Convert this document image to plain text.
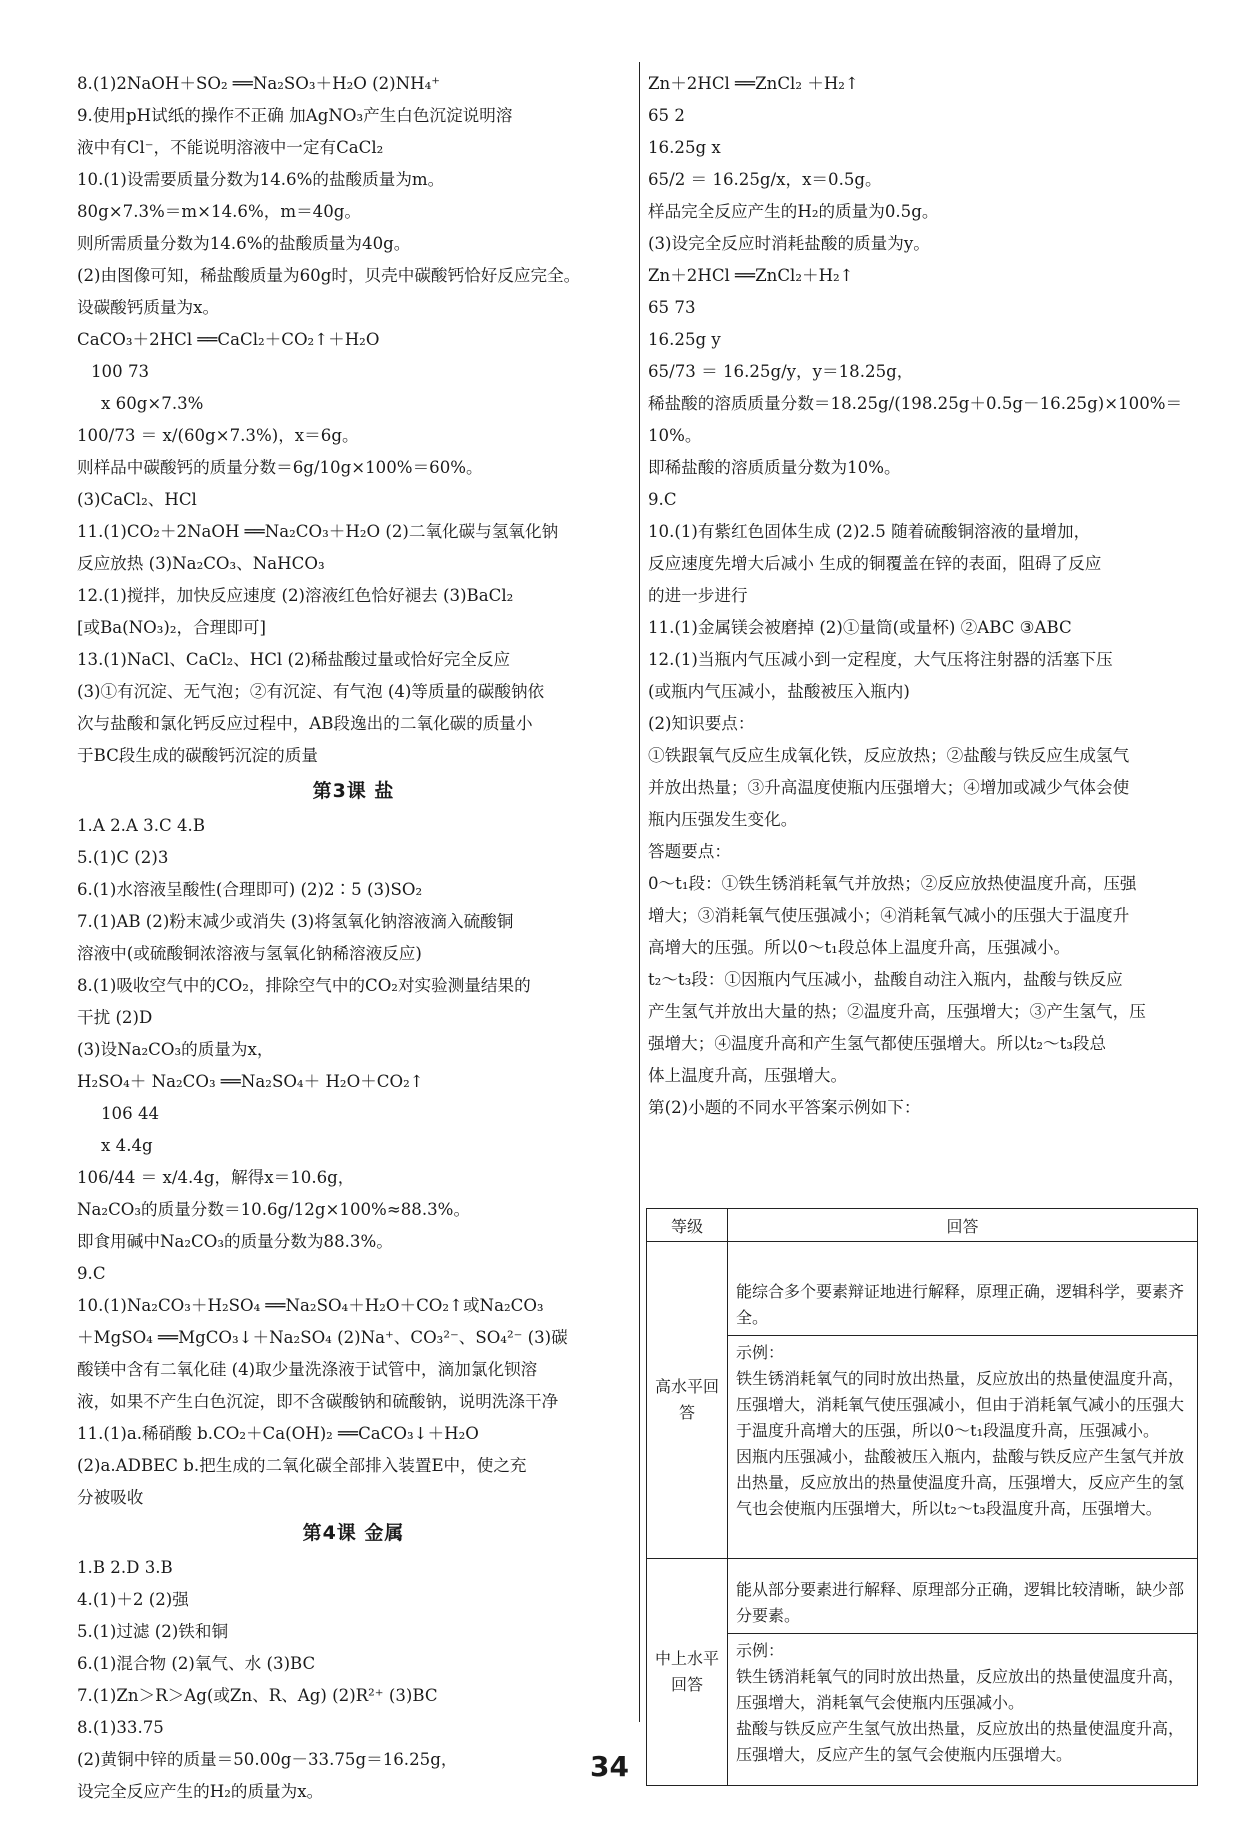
8.(1)2NaOH＋SO₂ ══Na₂SO₃＋H₂O (2)NH₄⁺
9.使用pH试纸的操作不正确 加AgNO₃产生白色沉淀说明溶
液中有Cl⁻，不能说明溶液中一定有CaCl₂
10.(1)设需要质量分数为14.6%的盐酸质量为m。
80g×7.3%＝m×14.6%，m＝40g。
则所需质量分数为14.6%的盐酸质量为40g。
(2)由图像可知，稀盐酸质量为60g时，贝壳中碳酸钙恰好反应完全。
设碳酸钙质量为x。
CaCO₃＋2HCl ══CaCl₂＋CO₂↑＋H₂O
100 73
x 60g×7.3%
100/73 ＝ x/(60g×7.3%)，x＝6g。
则样品中碳酸钙的质量分数＝6g/10g×100%＝60%。
(3)CaCl₂、HCl
11.(1)CO₂＋2NaOH ══Na₂CO₃＋H₂O (2)二氧化碳与氢氧化钠
反应放热 (3)Na₂CO₃、NaHCO₃
12.(1)搅拌，加快反应速度 (2)溶液红色恰好褪去 (3)BaCl₂
[或Ba(NO₃)₂，合理即可]
13.(1)NaCl、CaCl₂、HCl (2)稀盐酸过量或恰好完全反应
(3)①有沉淀、无气泡；②有沉淀、有气泡 (4)等质量的碳酸钠依
次与盐酸和氯化钙反应过程中，AB段逸出的二氧化碳的质量小
于BC段生成的碳酸钙沉淀的质量
第3课 盐
1.A 2.A 3.C 4.B
5.(1)C (2)3
6.(1)水溶液呈酸性(合理即可) (2)2∶5 (3)SO₂
7.(1)AB (2)粉末减少或消失 (3)将氢氧化钠溶液滴入硫酸铜
溶液中(或硫酸铜浓溶液与氢氧化钠稀溶液反应)
8.(1)吸收空气中的CO₂，排除空气中的CO₂对实验测量结果的
干扰 (2)D
(3)设Na₂CO₃的质量为x，
H₂SO₄＋ Na₂CO₃ ══Na₂SO₄＋ H₂O＋CO₂↑
106 44
x 4.4g
106/44 ＝ x/4.4g，解得x＝10.6g，
Na₂CO₃的质量分数＝10.6g/12g×100%≈88.3%。
即食用碱中Na₂CO₃的质量分数为88.3%。
9.C
10.(1)Na₂CO₃＋H₂SO₄ ══Na₂SO₄＋H₂O＋CO₂↑或Na₂CO₃
＋MgSO₄ ══MgCO₃↓＋Na₂SO₄ (2)Na⁺、CO₃²⁻、SO₄²⁻ (3)碳
酸镁中含有二氧化硅 (4)取少量洗涤液于试管中，滴加氯化钡溶
液，如果不产生白色沉淀，即不含碳酸钠和硫酸钠，说明洗涤干净
11.(1)a.稀硝酸 b.CO₂＋Ca(OH)₂ ══CaCO₃↓＋H₂O
(2)a.ADBEC b.把生成的二氧化碳全部排入装置E中，使之充
分被吸收
第4课 金属
1.B 2.D 3.B
4.(1)＋2 (2)强
5.(1)过滤 (2)铁和铜
6.(1)混合物 (2)氧气、水 (3)BC
7.(1)Zn＞R＞Ag(或Zn、R、Ag) (2)R²⁺ (3)BC
8.(1)33.75
(2)黄铜中锌的质量＝50.00g－33.75g＝16.25g，
设完全反应产生的H₂的质量为x。
Zn＋2HCl ══ZnCl₂ ＋H₂↑
65 2
16.25g x
65/2 ＝ 16.25g/x，x＝0.5g。
样品完全反应产生的H₂的质量为0.5g。
(3)设完全反应时消耗盐酸的质量为y。
Zn＋2HCl ══ZnCl₂＋H₂↑
65 73
16.25g y
65/73 ＝ 16.25g/y，y＝18.25g，
稀盐酸的溶质质量分数＝18.25g/(198.25g＋0.5g－16.25g)×100%＝
10%。
即稀盐酸的溶质质量分数为10%。
9.C
10.(1)有紫红色固体生成 (2)2.5 随着硫酸铜溶液的量增加，
反应速度先增大后减小 生成的铜覆盖在锌的表面，阻碍了反应
的进一步进行
11.(1)金属镁会被磨掉 (2)①量筒(或量杯) ②ABC ③ABC
12.(1)当瓶内气压减小到一定程度，大气压将注射器的活塞下压
(或瓶内气压减小，盐酸被压入瓶内)
(2)知识要点：
①铁跟氧气反应生成氧化铁，反应放热；②盐酸与铁反应生成氢气
并放出热量；③升高温度使瓶内压强增大；④增加或减少气体会使
瓶内压强发生变化。
答题要点：
0～t₁段：①铁生锈消耗氧气并放热；②反应放热使温度升高，压强
增大；③消耗氧气使压强减小；④消耗氧气减小的压强大于温度升
高增大的压强。所以0～t₁段总体上温度升高，压强减小。
t₂～t₃段：①因瓶内气压减小，盐酸自动注入瓶内，盐酸与铁反应
产生氢气并放出大量的热；②温度升高，压强增大；③产生氢气，压
强增大；④温度升高和产生氢气都使压强增大。所以t₂～t₃段总
体上温度升高，压强增大。
第(2)小题的不同水平答案示例如下：
等级	回答
高水平回答	能综合多个要素辩证地进行解释，原理正确，逻辑科学，要素齐全。

示例：

铁生锈消耗氧气的同时放出热量，反应放出的热量使温度升高，压强增大，消耗氧气使压强减小，但由于消耗氧气减小的压强大于温度升高增大的压强，所以0～t₁段温度升高，压强减小。

因瓶内压强减小，盐酸被压入瓶内，盐酸与铁反应产生氢气并放出热量，反应放出的热量使温度升高，压强增大，反应产生的氢气也会使瓶内压强增大，所以t₂～t₃段温度升高，压强增大。

中上水平回答	能从部分要素进行解释、原理部分正确，逻辑比较清晰，缺少部分要素。

示例：

铁生锈消耗氧气的同时放出热量，反应放出的热量使温度升高，压强增大，消耗氧气会使瓶内压强减小。

盐酸与铁反应产生氢气放出热量，反应放出的热量使温度升高，压强增大，反应产生的氢气会使瓶内压强增大。

34
